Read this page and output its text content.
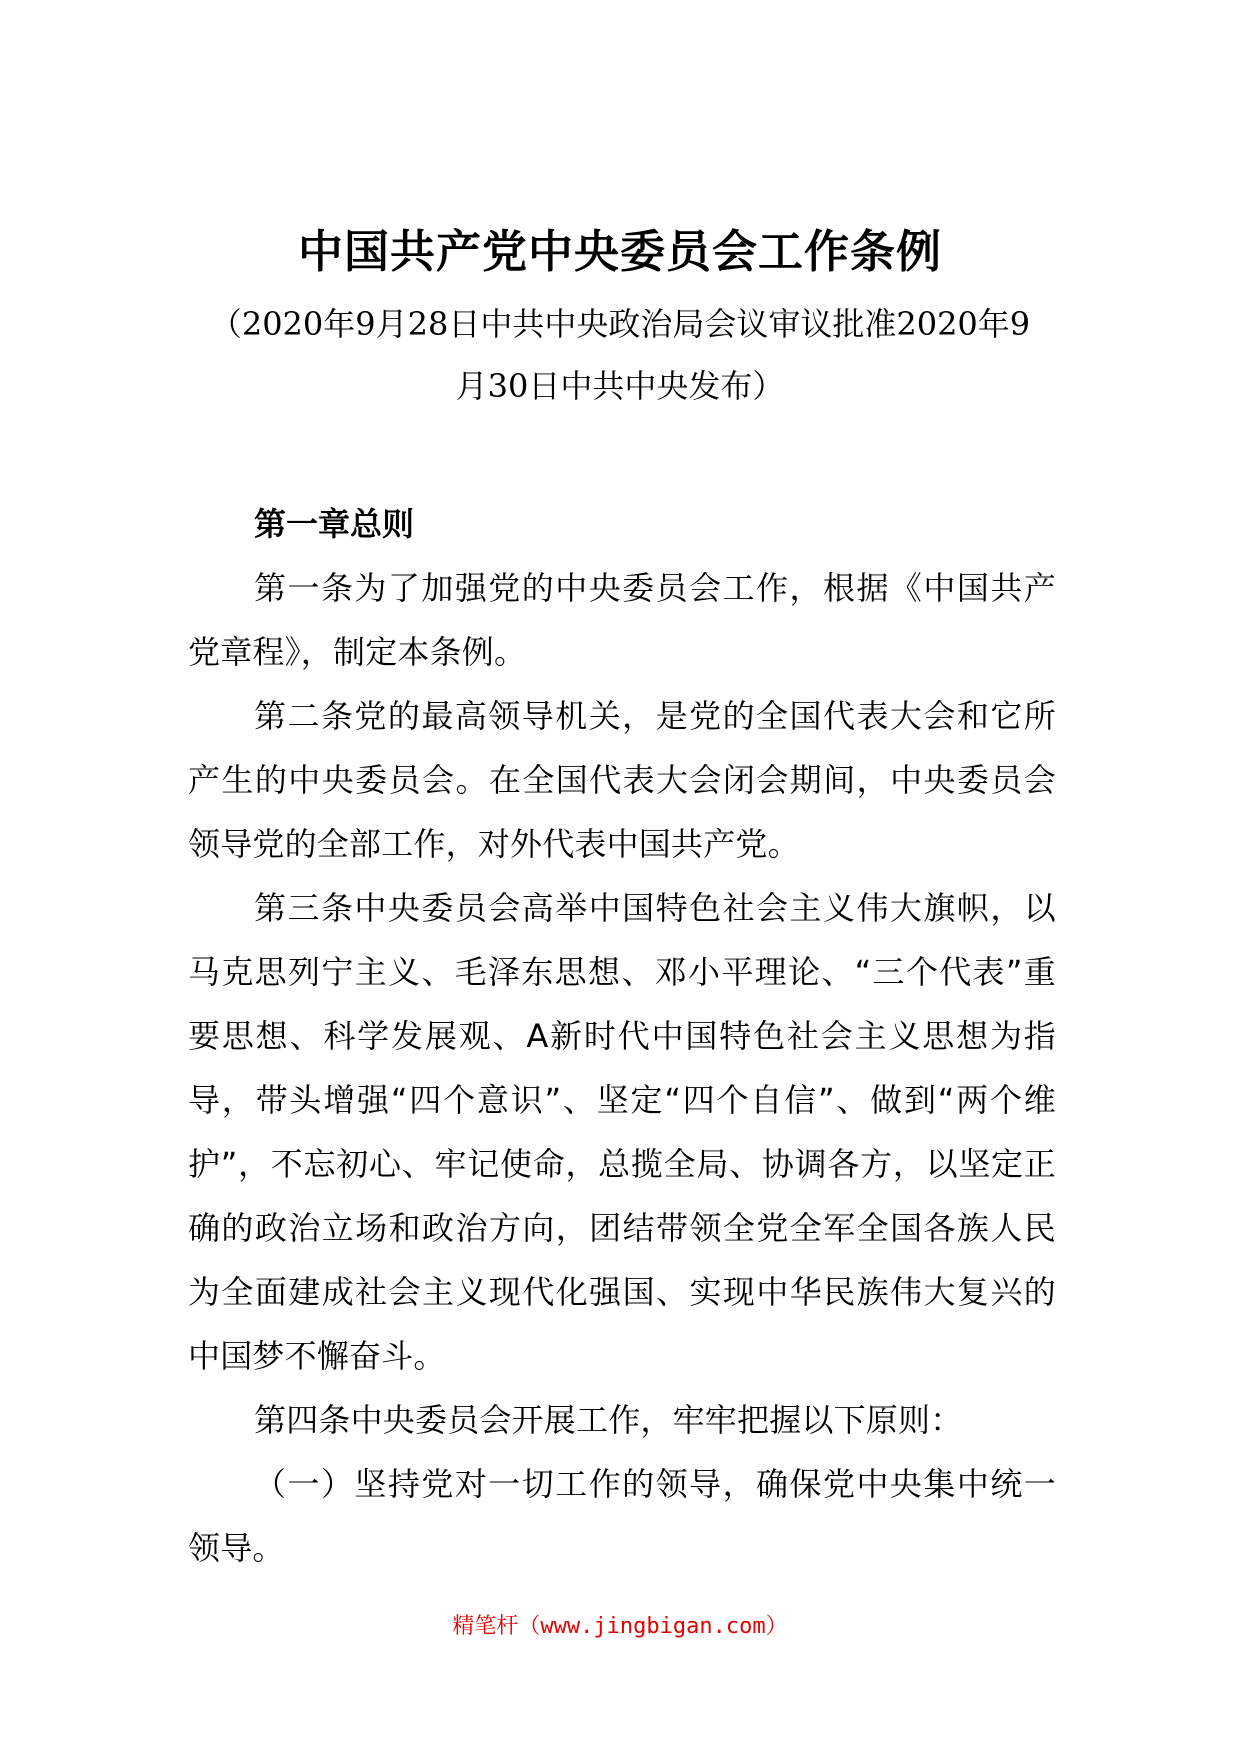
中国共产党中央委员会工作条例

（2020年9月28日中共中央政治局会议审议批准2020年9

月30日中共中央发布）

第一章总则

第一条为了加强党的中央委员会工作，根据《中国共产党章程》，制定本条例。

第二条党的最高领导机关，是党的全国代表大会和它所产生的中央委员会。在全国代表大会闭会期间，中央委员会领导党的全部工作，对外代表中国共产党。

第三条中央委员会高举中国特色社会主义伟大旗帜，以马克思列宁主义、毛泽东思想、邓小平理论、“三个代表”重要思想、科学发展观、A新时代中国特色社会主义思想为指导，带头增强“四个意识”、坚定“四个自信”、做到“两个维护”，不忘初心、牢记使命，总揽全局、协调各方，以坚定正确的政治立场和政治方向，团结带领全党全军全国各族人民为全面建成社会主义现代化强国、实现中华民族伟大复兴的中国梦不懈奋斗。

第四条中央委员会开展工作，牢牢把握以下原则：

（一）坚持党对一切工作的领导，确保党中央集中统一领导。

精笔杆（www.jingbigan.com）
